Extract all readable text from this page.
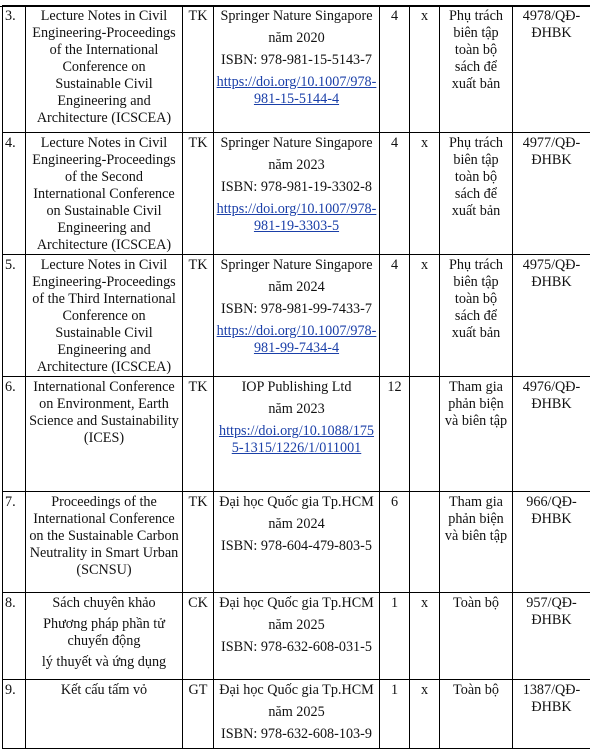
3.	Lecture Notes in Civil Engineering-Proceedings of the International Conference on Sustainable Civil Engineering and Architecture (ICSCEA)	TK	Springer Nature Singapore
năm 2020
ISBN: 978-981-15-5143-7
https://doi.org/10.1007/978-981-15-5144-4	4	x	Phụ trách biên tập toàn bộ sách để xuất bản	4978/QĐ-ĐHBK
4.	Lecture Notes in Civil Engineering-Proceedings of the Second International Conference on Sustainable Civil Engineering and Architecture (ICSCEA)	TK	Springer Nature Singapore
năm 2023
ISBN: 978-981-19-3302-8
https://doi.org/10.1007/978-981-19-3303-5	4	x	Phụ trách biên tập toàn bộ sách để xuất bản	4977/QĐ-ĐHBK
5.	Lecture Notes in Civil Engineering-Proceedings of the Third International Conference on Sustainable Civil Engineering and Architecture (ICSCEA)	TK	Springer Nature Singapore
năm 2024
ISBN: 978-981-99-7433-7
https://doi.org/10.1007/978-981-99-7434-4	4	x	Phụ trách biên tập toàn bộ sách để xuất bản	4975/QĐ-ĐHBK
6.	International Conference on Environment, Earth Science and Sustainability (ICES)	TK	IOP Publishing Ltd
năm 2023
https://doi.org/10.1088/1755-1315/1226/1/011001	12		Tham gia phản biện và biên tập	4976/QĐ-ĐHBK
7.	Proceedings of the International Conference on the Sustainable Carbon Neutrality in Smart Urban (SCNSU)	TK	Đại học Quốc gia Tp.HCM
năm 2024
ISBN: 978-604-479-803-5	6		Tham gia phản biện và biên tập	966/QĐ-ĐHBK
8.	Sách chuyên khảo
Phương pháp phần tử chuyển động
lý thuyết và ứng dụng	CK	Đại học Quốc gia Tp.HCM
năm 2025
ISBN: 978-632-608-031-5	1	x	Toàn bộ	957/QĐ-ĐHBK
9.	Kết cấu tấm vỏ	GT	Đại học Quốc gia Tp.HCM
năm 2025
ISBN: 978-632-608-103-9	1	x	Toàn bộ	1387/QĐ-ĐHBK
